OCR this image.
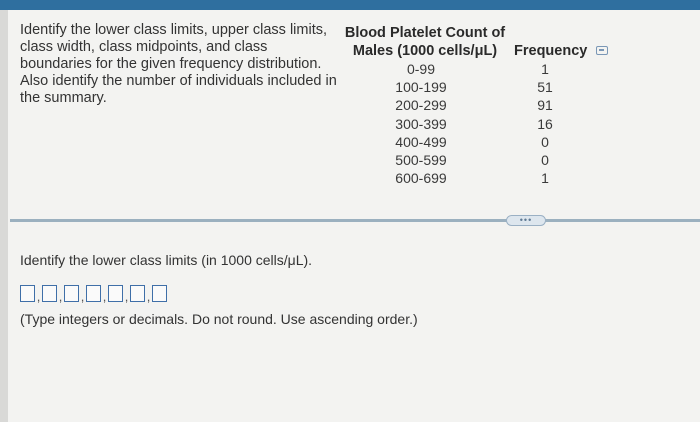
Identify the lower class limits, upper class limits, class width, class midpoints, and class boundaries for the given frequency distribution. Also identify the number of individuals included in the summary.
Blood Platelet Count of
Males (1000 cells/μL)	Frequency
0-99
100-199
200-299
300-399
400-499
500-599
600-699
1
51
91
16
0
0
1
•••
Identify the lower class limits (in 1000 cells/μL).
, , , , , ,
(Type integers or decimals. Do not round. Use ascending order.)
